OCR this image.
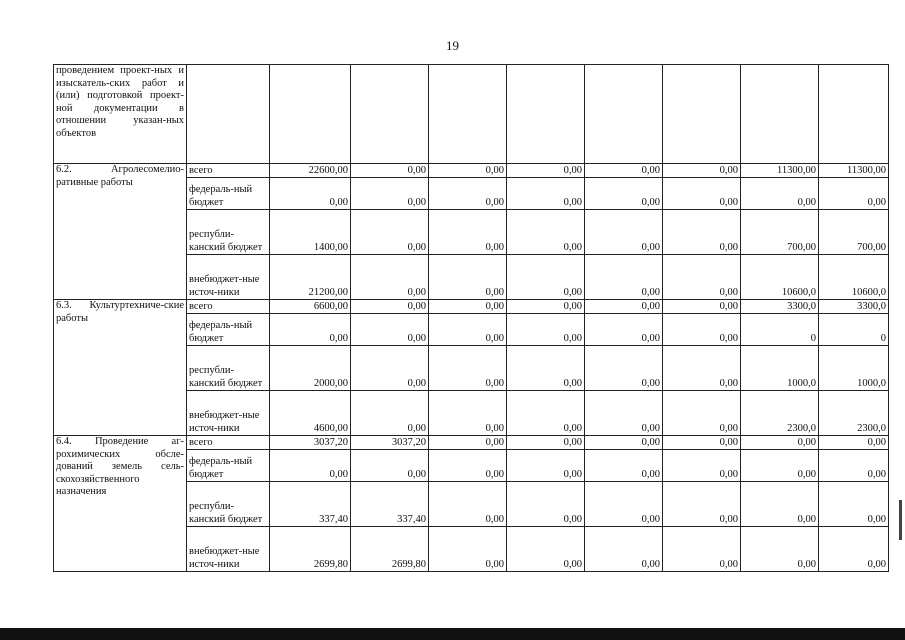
19
проведением проект-ных и изыскатель-ских работ и (или) подготовкой проект-ной документации в отношении указан-ных объектов									
6.2. Агролесомелио-ративные работы	всего	22600,00	0,00	0,00	0,00	0,00	0,00	11300,00	11300,00
	федераль-ный бюджет	0,00	0,00	0,00	0,00	0,00	0,00	0,00	0,00
	республи-канский бюджет	1400,00	0,00	0,00	0,00	0,00	0,00	700,00	700,00
	внебюджет-ные источ-ники	21200,00	0,00	0,00	0,00	0,00	0,00	10600,0	10600,0
6.3. Культуртехниче-ские работы	всего	6600,00	0,00	0,00	0,00	0,00	0,00	3300,0	3300,0
	федераль-ный бюджет	0,00	0,00	0,00	0,00	0,00	0,00	0	0
	республи-канский бюджет	2000,00	0,00	0,00	0,00	0,00	0,00	1000,0	1000,0
	внебюджет-ные источ-ники	4600,00	0,00	0,00	0,00	0,00	0,00	2300,0	2300,0
6.4. Проведение аг-рохимических обсле-дований земель сель-скохозяйственного назначения	всего	3037,20	3037,20	0,00	0,00	0,00	0,00	0,00	0,00
	федераль-ный бюджет	0,00	0,00	0,00	0,00	0,00	0,00	0,00	0,00
	республи-канский бюджет	337,40	337,40	0,00	0,00	0,00	0,00	0,00	0,00
	внебюджет-ные источ-ники	2699,80	2699,80	0,00	0,00	0,00	0,00	0,00	0,00
